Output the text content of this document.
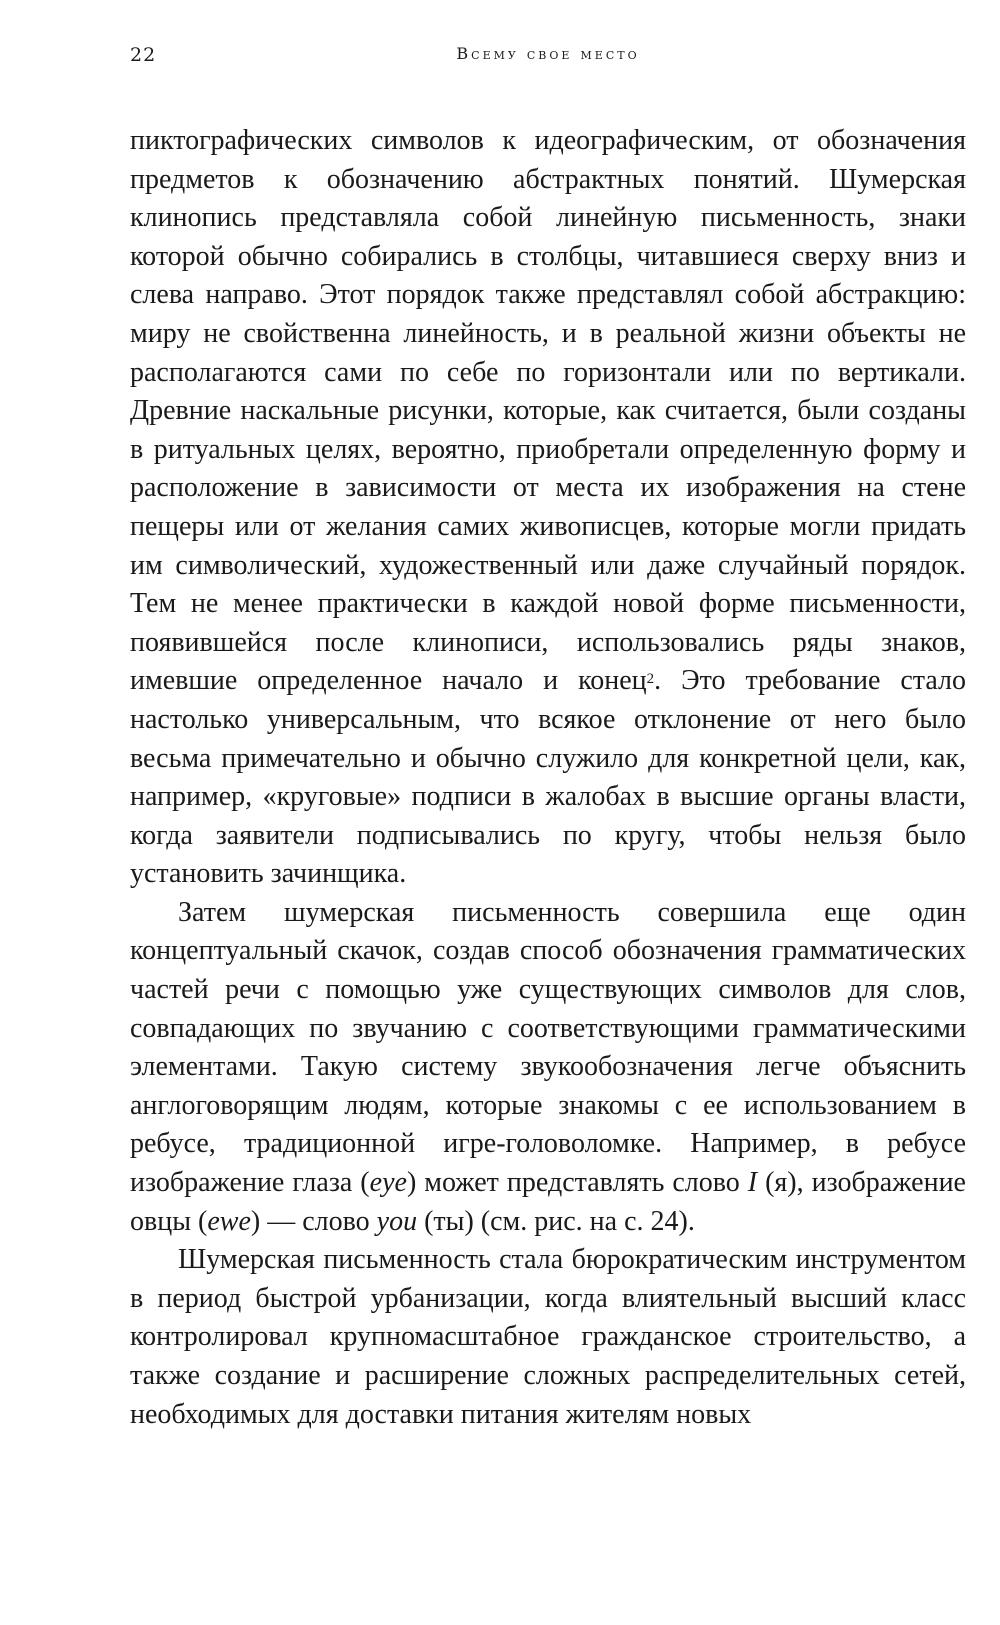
22	Всему свое место

пиктографических символов к идеографическим, от обозначения предметов к обозначению абстрактных понятий. Шумерская клинопись представляла собой линейную письменность, знаки которой обычно собирались в столбцы, читавшиеся сверху вниз и слева направо. Этот порядок также представлял собой абстракцию: миру не свойственна линейность, и в реальной жизни объекты не располагаются сами по себе по горизонтали или по вертикали. Древние наскальные рисунки, которые, как считается, были созданы в ритуальных целях, вероятно, приобретали определенную форму и расположение в зависимости от места их изображения на стене пещеры или от желания самих живописцев, которые могли придать им символический, художественный или даже случайный порядок. Тем не менее практически в каждой новой форме письменности, появившейся после клинописи, использовались ряды знаков, имевшие определенное начало и конец$^2$. Это требование стало настолько универсальным, что всякое отклонение от него было весьма примечательно и обычно служило для конкретной цели, как, например, «круговые» подписи в жалобах в высшие органы власти, когда заявители подписывались по кругу, чтобы нельзя было установить зачинщика.

Затем шумерская письменность совершила еще один концептуальный скачок, создав способ обозначения грамматических частей речи с помощью уже существующих символов для слов, совпадающих по звучанию с соответствующими грамматическими элементами. Такую систему звукообозначения легче объяснить англоговорящим людям, которые знакомы с ее использованием в ребусе, традиционной игре-головоломке. Например, в ребусе изображение глаза (eye) может представлять слово I (я), изображение овцы (ewe) — слово you (ты) (см. рис. на с. 24).

Шумерская письменность стала бюрократическим инструментом в период быстрой урбанизации, когда влиятельный высший класс контролировал крупномасштабное гражданское строительство, а также создание и расширение сложных распределительных сетей, необходимых для доставки питания жителям новых
